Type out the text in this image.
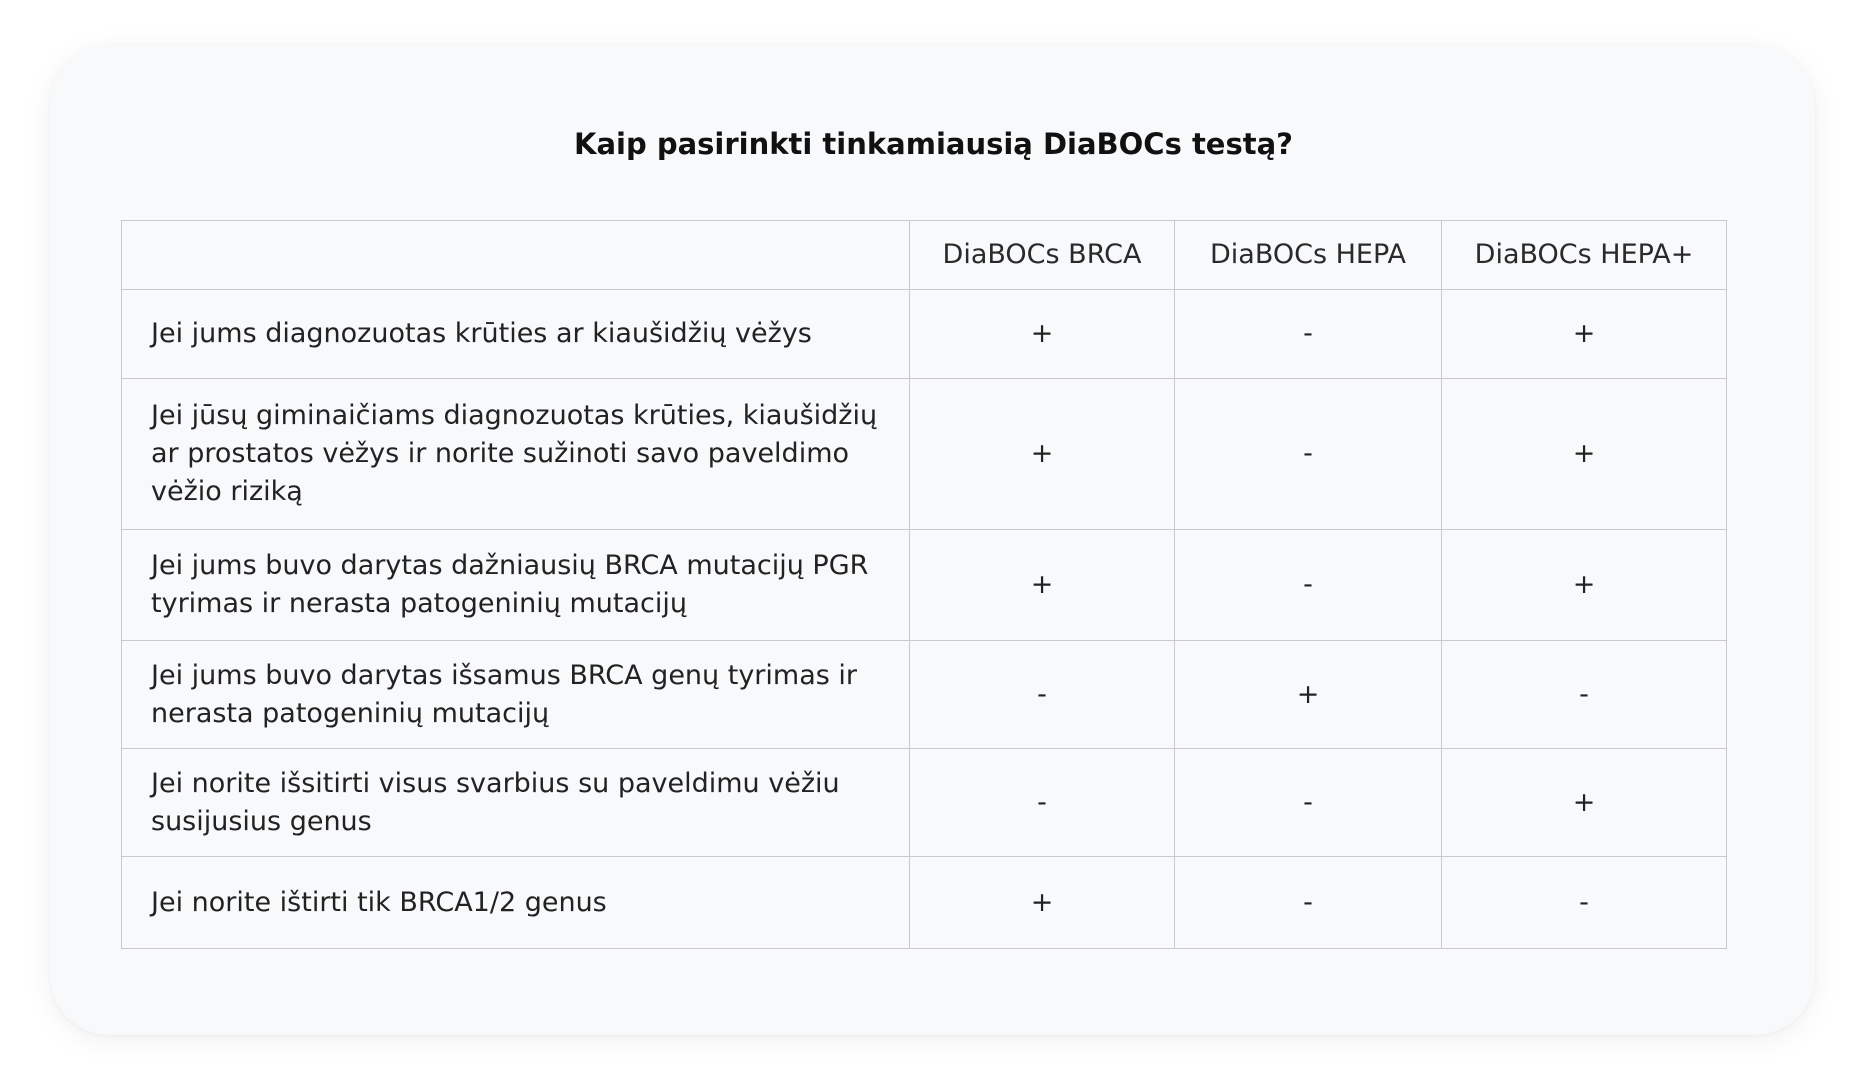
Kaip pasirinkti tinkamiausią DiaBOCs testą?
	DiaBOCs BRCA	DiaBOCs HEPA	DiaBOCs HEPA+
Jei jums diagnozuotas krūties ar kiaušidžių vėžys	+	-	+
Jei jūsų giminaičiams diagnozuotas krūties, kiaušidžių ar prostatos vėžys ir norite sužinoti savo paveldimo vėžio riziką	+	-	+
Jei jums buvo darytas dažniausių BRCA mutacijų PGR tyrimas ir nerasta patogeninių mutacijų	+	-	+
Jei jums buvo darytas išsamus BRCA genų tyrimas ir nerasta patogeninių mutacijų	-	+	-
Jei norite išsitirti visus svarbius su paveldimu vėžiu susijusius genus	-	-	+
Jei norite ištirti tik BRCA1/2 genus	+	-	-
